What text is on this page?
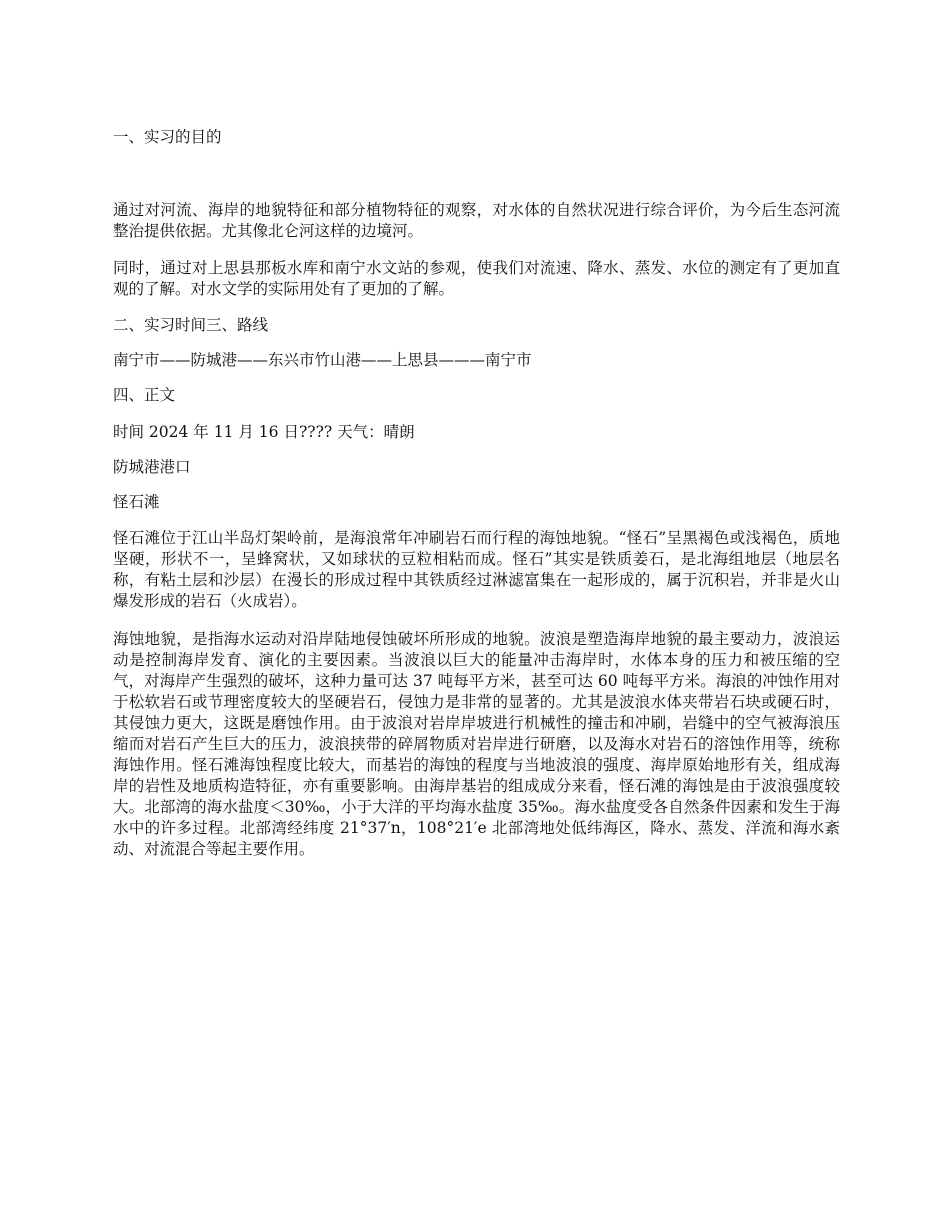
一、实习的目的

通过对河流、海岸的地貌特征和部分植物特征的观察，对水体的自然状况进行综合评价，为今后生态河流整治提供依据。尤其像北仑河这样的边境河。

同时，通过对上思县那板水库和南宁水文站的参观，使我们对流速、降水、蒸发、水位的测定有了更加直观的了解。对水文学的实际用处有了更加的了解。

二、实习时间三、路线

南宁市——防城港——东兴市竹山港——上思县———南宁市

四、正文

时间 2024 年 11 月 16 日???? 天气：晴朗

防城港港口

怪石滩

怪石滩位于江山半岛灯架岭前，是海浪常年冲刷岩石而行程的海蚀地貌。“怪石”呈黑褐色或浅褐色，质地坚硬，形状不一，呈蜂窝状，又如球状的豆粒相粘而成。怪石”其实是铁质姜石，是北海组地层（地层名称，有粘土层和沙层）在漫长的形成过程中其铁质经过淋滤富集在一起形成的，属于沉积岩，并非是火山爆发形成的岩石（火成岩）。

海蚀地貌，是指海水运动对沿岸陆地侵蚀破坏所形成的地貌。波浪是塑造海岸地貌的最主要动力，波浪运动是控制海岸发育、演化的主要因素。当波浪以巨大的能量冲击海岸时，水体本身的压力和被压缩的空气，对海岸产生强烈的破坏，这种力量可达 37 吨每平方米，甚至可达 60 吨每平方米。海浪的冲蚀作用对于松软岩石或节理密度较大的坚硬岩石，侵蚀力是非常的显著的。尤其是波浪水体夹带岩石块或硬石时，其侵蚀力更大，这既是磨蚀作用。由于波浪对岩岸岸坡进行机械性的撞击和冲刷，岩缝中的空气被海浪压缩而对岩石产生巨大的压力，波浪挟带的碎屑物质对岩岸进行研磨，以及海水对岩石的溶蚀作用等，统称海蚀作用。怪石滩海蚀程度比较大，而基岩的海蚀的程度与当地波浪的强度、海岸原始地形有关，组成海岸的岩性及地质构造特征，亦有重要影响。由海岸基岩的组成成分来看，怪石滩的海蚀是由于波浪强度较大。北部湾的海水盐度＜30‰，小于大洋的平均海水盐度 35‰。海水盐度受各自然条件因素和发生于海水中的许多过程。北部湾经纬度 21°37′n，108°21′e 北部湾地处低纬海区，降水、蒸发、洋流和海水紊动、对流混合等起主要作用。
